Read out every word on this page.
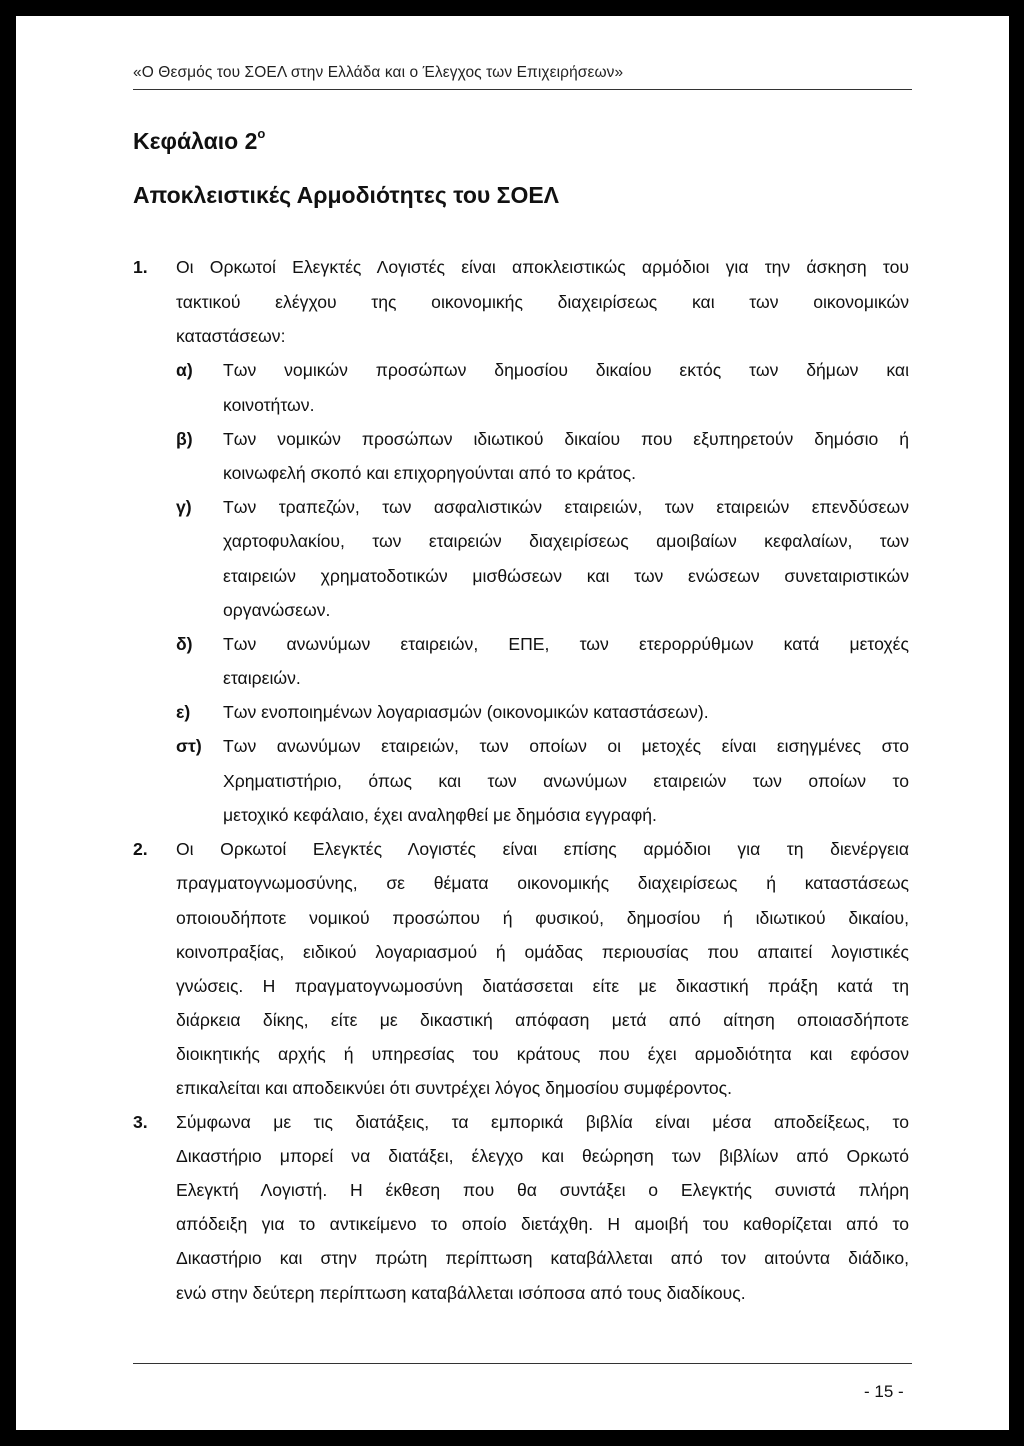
«Ο Θεσμός του ΣΟΕΛ στην Ελλάδα και ο Έλεγχος των Επιχειρήσεων»
Κεφάλαιο $2^o$
Αποκλειστικές Αρμοδιότητες του ΣΟΕΛ
1. Οι Ορκωτοί Ελεγκτές Λογιστές είναι αποκλειστικώς αρμόδιοι για την άσκηση του
τακτικού ελέγχου της οικονομικής διαχειρίσεως και των οικονομικών
καταστάσεων:
α) Των νομικών προσώπων δημοσίου δικαίου εκτός των δήμων και
κοινοτήτων.
β) Των νομικών προσώπων ιδιωτικού δικαίου που εξυπηρετούν δημόσιο ή
κοινωφελή σκοπό και επιχορηγούνται από το κράτος.
γ) Των τραπεζών, των ασφαλιστικών εταιρειών, των εταιρειών επενδύσεων
χαρτοφυλακίου, των εταιρειών διαχειρίσεως αμοιβαίων κεφαλαίων, των
εταιρειών χρηματοδοτικών μισθώσεων και των ενώσεων συνεταιριστικών
οργανώσεων.
δ) Των ανωνύμων εταιρειών, ΕΠΕ, των ετερορρύθμων κατά μετοχές
εταιρειών.
ε) Των ενοποιημένων λογαριασμών (οικονομικών καταστάσεων).
στ) Των ανωνύμων εταιρειών, των οποίων οι μετοχές είναι εισηγμένες στο
Χρηματιστήριο, όπως και των ανωνύμων εταιρειών των οποίων το
μετοχικό κεφάλαιο, έχει αναληφθεί με δημόσια εγγραφή.
2. Οι Ορκωτοί Ελεγκτές Λογιστές είναι επίσης αρμόδιοι για τη διενέργεια
πραγματογνωμοσύνης, σε θέματα οικονομικής διαχειρίσεως ή καταστάσεως
οποιουδήποτε νομικού προσώπου ή φυσικού, δημοσίου ή ιδιωτικού δικαίου,
κοινοπραξίας, ειδικού λογαριασμού ή ομάδας περιουσίας που απαιτεί λογιστικές
γνώσεις. Η πραγματογνωμοσύνη διατάσσεται είτε με δικαστική πράξη κατά τη
διάρκεια δίκης, είτε με δικαστική απόφαση μετά από αίτηση οποιασδήποτε
διοικητικής αρχής ή υπηρεσίας του κράτους που έχει αρμοδιότητα και εφόσον
επικαλείται και αποδεικνύει ότι συντρέχει λόγος δημοσίου συμφέροντος.
3. Σύμφωνα με τις διατάξεις, τα εμπορικά βιβλία είναι μέσα αποδείξεως, το
Δικαστήριο μπορεί να διατάξει, έλεγχο και θεώρηση των βιβλίων από Ορκωτό
Ελεγκτή Λογιστή. Η έκθεση που θα συντάξει ο Ελεγκτής συνιστά πλήρη
απόδειξη για το αντικείμενο το οποίο διετάχθη. Η αμοιβή του καθορίζεται από το
Δικαστήριο και στην πρώτη περίπτωση καταβάλλεται από τον αιτούντα διάδικο,
ενώ στην δεύτερη περίπτωση καταβάλλεται ισόποσα από τους διαδίκους.
- 15 -
